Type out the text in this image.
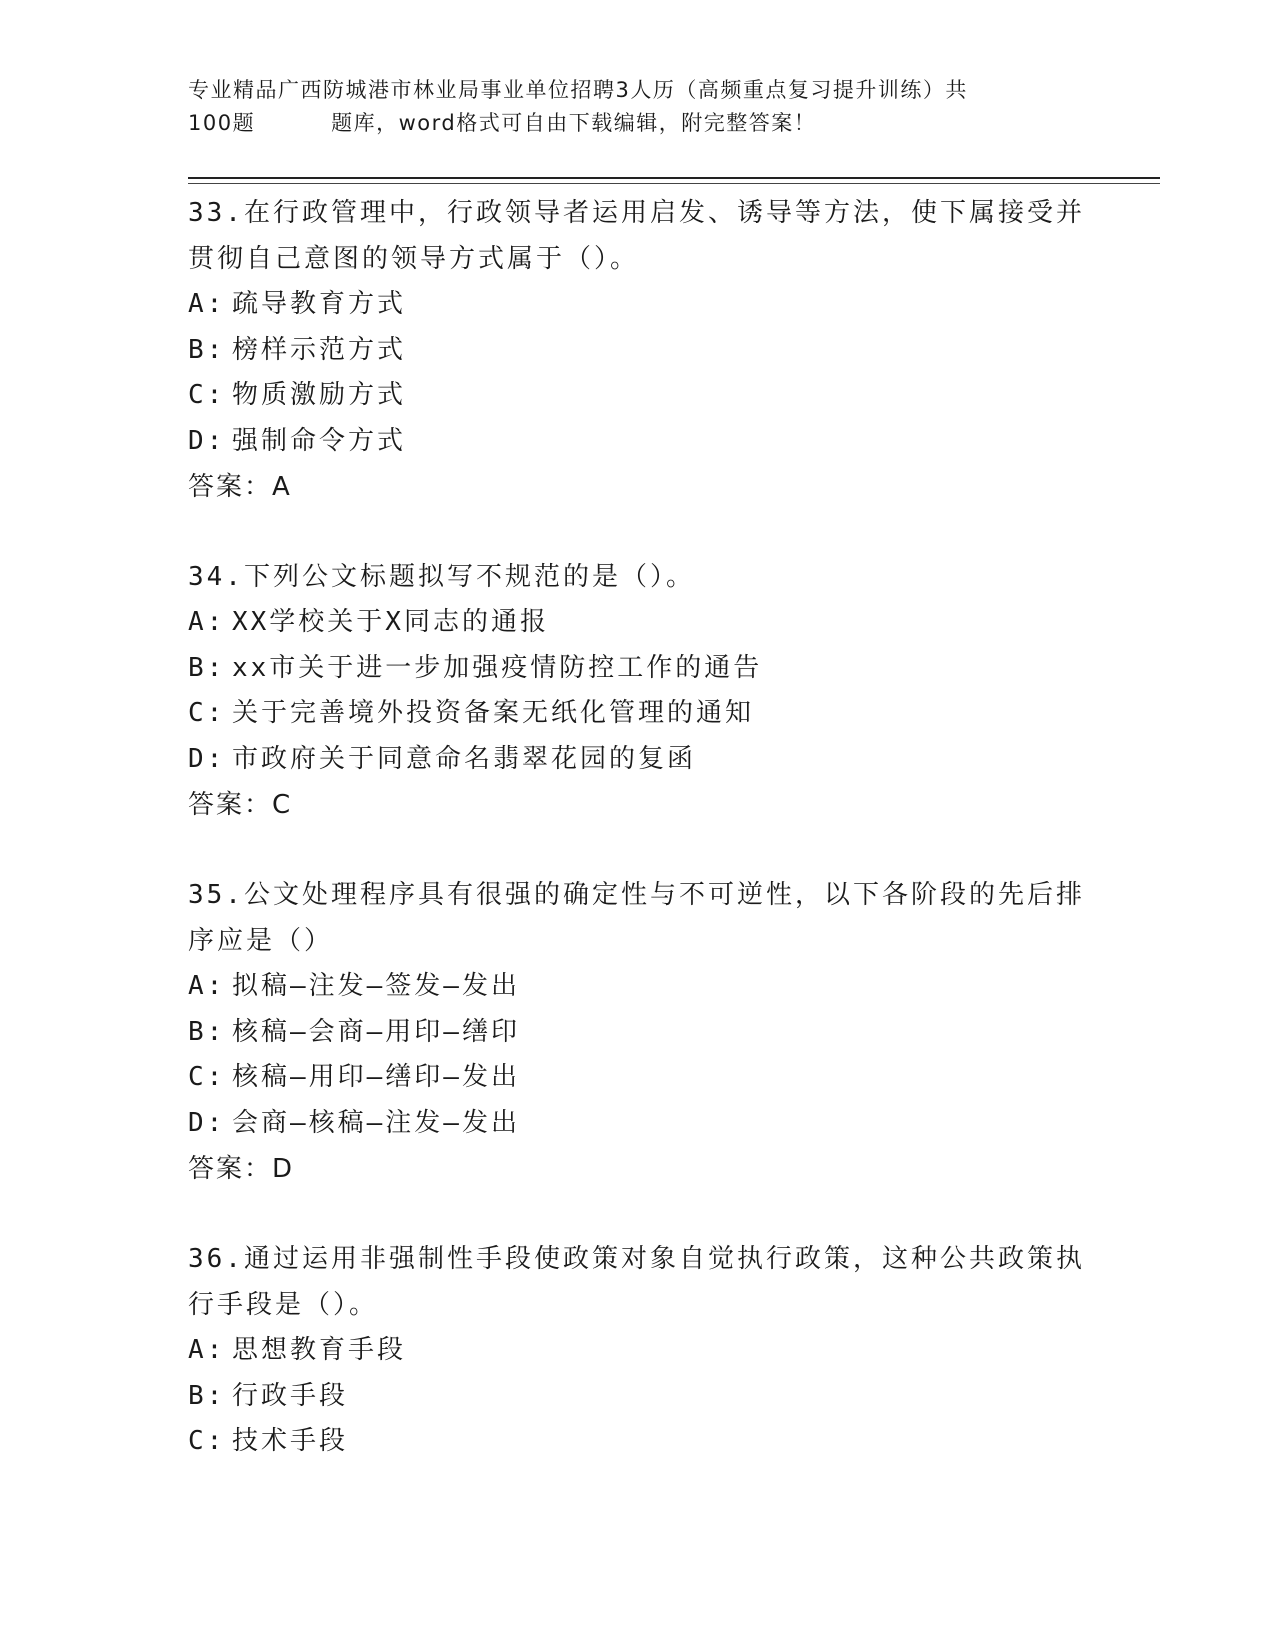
专业精品广西防城港市林业局事业单位招聘3人历（高频重点复习提升训练）共
100题	题库，word格式可自由下载编辑，附完整答案！
33.在行政管理中，行政领导者运用启发、诱导等方法，使下属接受并
贯彻自己意图的领导方式属于（）。
A: 疏导教育方式
B: 榜样示范方式
C: 物质激励方式
D: 强制命令方式
答案：A
34.下列公文标题拟写不规范的是（）。
A: XX学校关于X同志的通报
B: xx市关于进一步加强疫情防控工作的通告
C: 关于完善境外投资备案无纸化管理的通知
D: 市政府关于同意命名翡翠花园的复函
答案：C
35.公文处理程序具有很强的确定性与不可逆性，以下各阶段的先后排
序应是（）
A: 拟稿—注发—签发—发出
B: 核稿—会商—用印—缮印
C: 核稿—用印—缮印—发出
D: 会商—核稿—注发—发出
答案：D
36.通过运用非强制性手段使政策对象自觉执行政策，这种公共政策执
行手段是（）。
A: 思想教育手段
B: 行政手段
C: 技术手段
